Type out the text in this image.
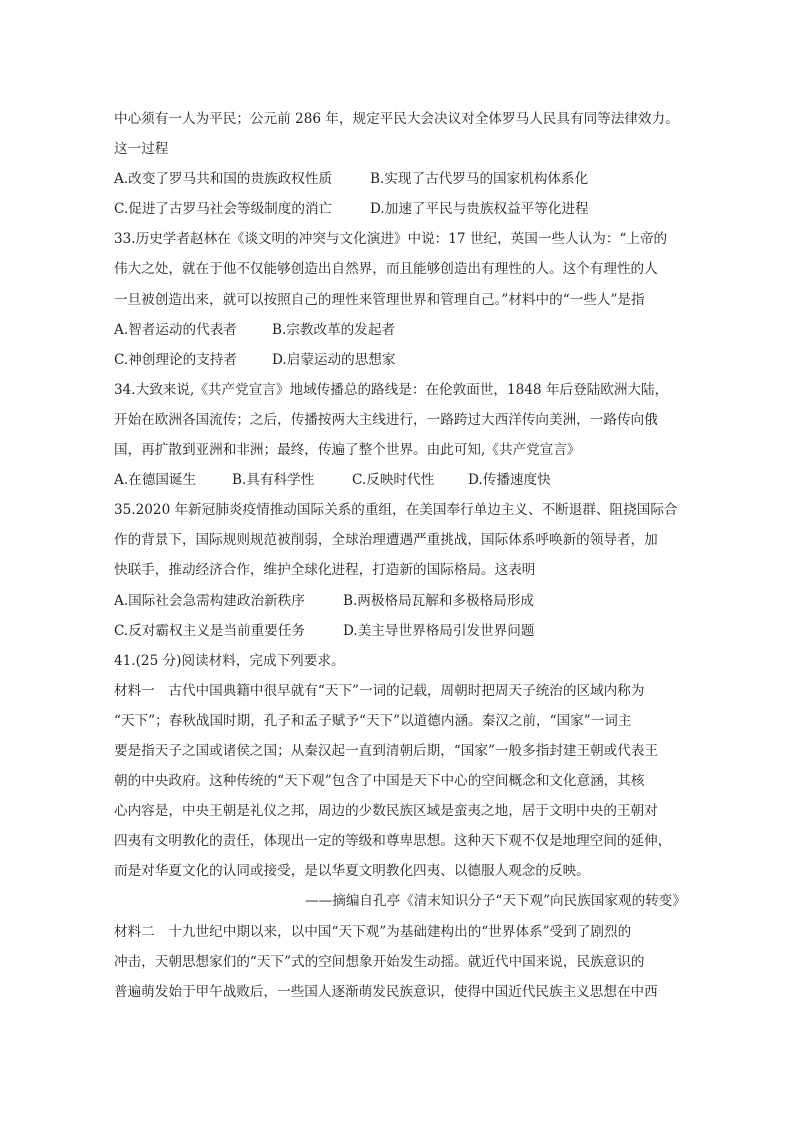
中心须有一人为平民；公元前 286 年，规定平民大会决议对全体罗马人民具有同等法律效力。
这一过程
A.改变了罗马共和国的贵族政权性质	B.实现了古代罗马的国家机构体系化
C.促进了古罗马社会等级制度的消亡	D.加速了平民与贵族权益平等化进程
33.历史学者赵林在《谈文明的冲突与文化演进》中说：17 世纪，英国一些人认为：“上帝的
伟大之处，就在于他不仅能够创造出自然界，而且能够创造出有理性的人。这个有理性的人
一旦被创造出来，就可以按照自己的理性来管理世界和管理自己。”材料中的“一些人”是指
A.智者运动的代表者	B.宗教改革的发起者
C.神创理论的支持者	D.启蒙运动的思想家
34.大致来说,《共产党宣言》地域传播总的路线是：在伦敦面世，1848 年后登陆欧洲大陆，
开始在欧洲各国流传；之后，传播按两大主线进行，一路跨过大西洋传向美洲，一路传向俄
国，再扩散到亚洲和非洲；最终，传遍了整个世界。由此可知,《共产党宣言》
A.在德国诞生	B.具有科学性	C.反映时代性	D.传播速度快
35.2020 年新冠肺炎疫情推动国际关系的重组，在美国奉行单边主义、不断退群、阻挠国际合
作的背景下，国际规则规范被削弱，全球治理遭遇严重挑战，国际体系呼唤新的领导者，加
快联手，推动经济合作，维护全球化进程，打造新的国际格局。这表明
A.国际社会急需构建政治新秩序	B.两极格局瓦解和多极格局形成
C.反对霸权主义是当前重要任务	D.美主导世界格局引发世界问题
41.(25 分)阅读材料，完成下列要求。
材料一　古代中国典籍中很早就有“天下”一词的记载，周朝时把周天子统治的区域内称为
“天下”；春秋战国时期，孔子和孟子赋予“天下”以道德内涵。秦汉之前，“国家”一词主
要是指天子之国或诸侯之国；从秦汉起一直到清朝后期，“国家”一般多指封建王朝或代表王
朝的中央政府。这种传统的“天下观”包含了中国是天下中心的空间概念和文化意涵，其核
心内容是，中央王朝是礼仪之邦，周边的少数民族区域是蛮夷之地，居于文明中央的王朝对
四夷有文明教化的责任，体现出一定的等级和尊卑思想。这种天下观不仅是地理空间的延伸，
而是对华夏文化的认同或接受，是以华夏文明教化四夷、以德服人观念的反映。
——摘编自孔亭《清末知识分子“天下观”向民族国家观的转变》
材料二　十九世纪中期以来，以中国“天下观”为基础建构出的“世界体系”受到了剧烈的
冲击，天朝思想家们的“天下”式的空间想象开始发生动摇。就近代中国来说，民族意识的
普遍萌发始于甲午战败后，一些国人逐渐萌发民族意识，使得中国近代民族主义思想在中西
